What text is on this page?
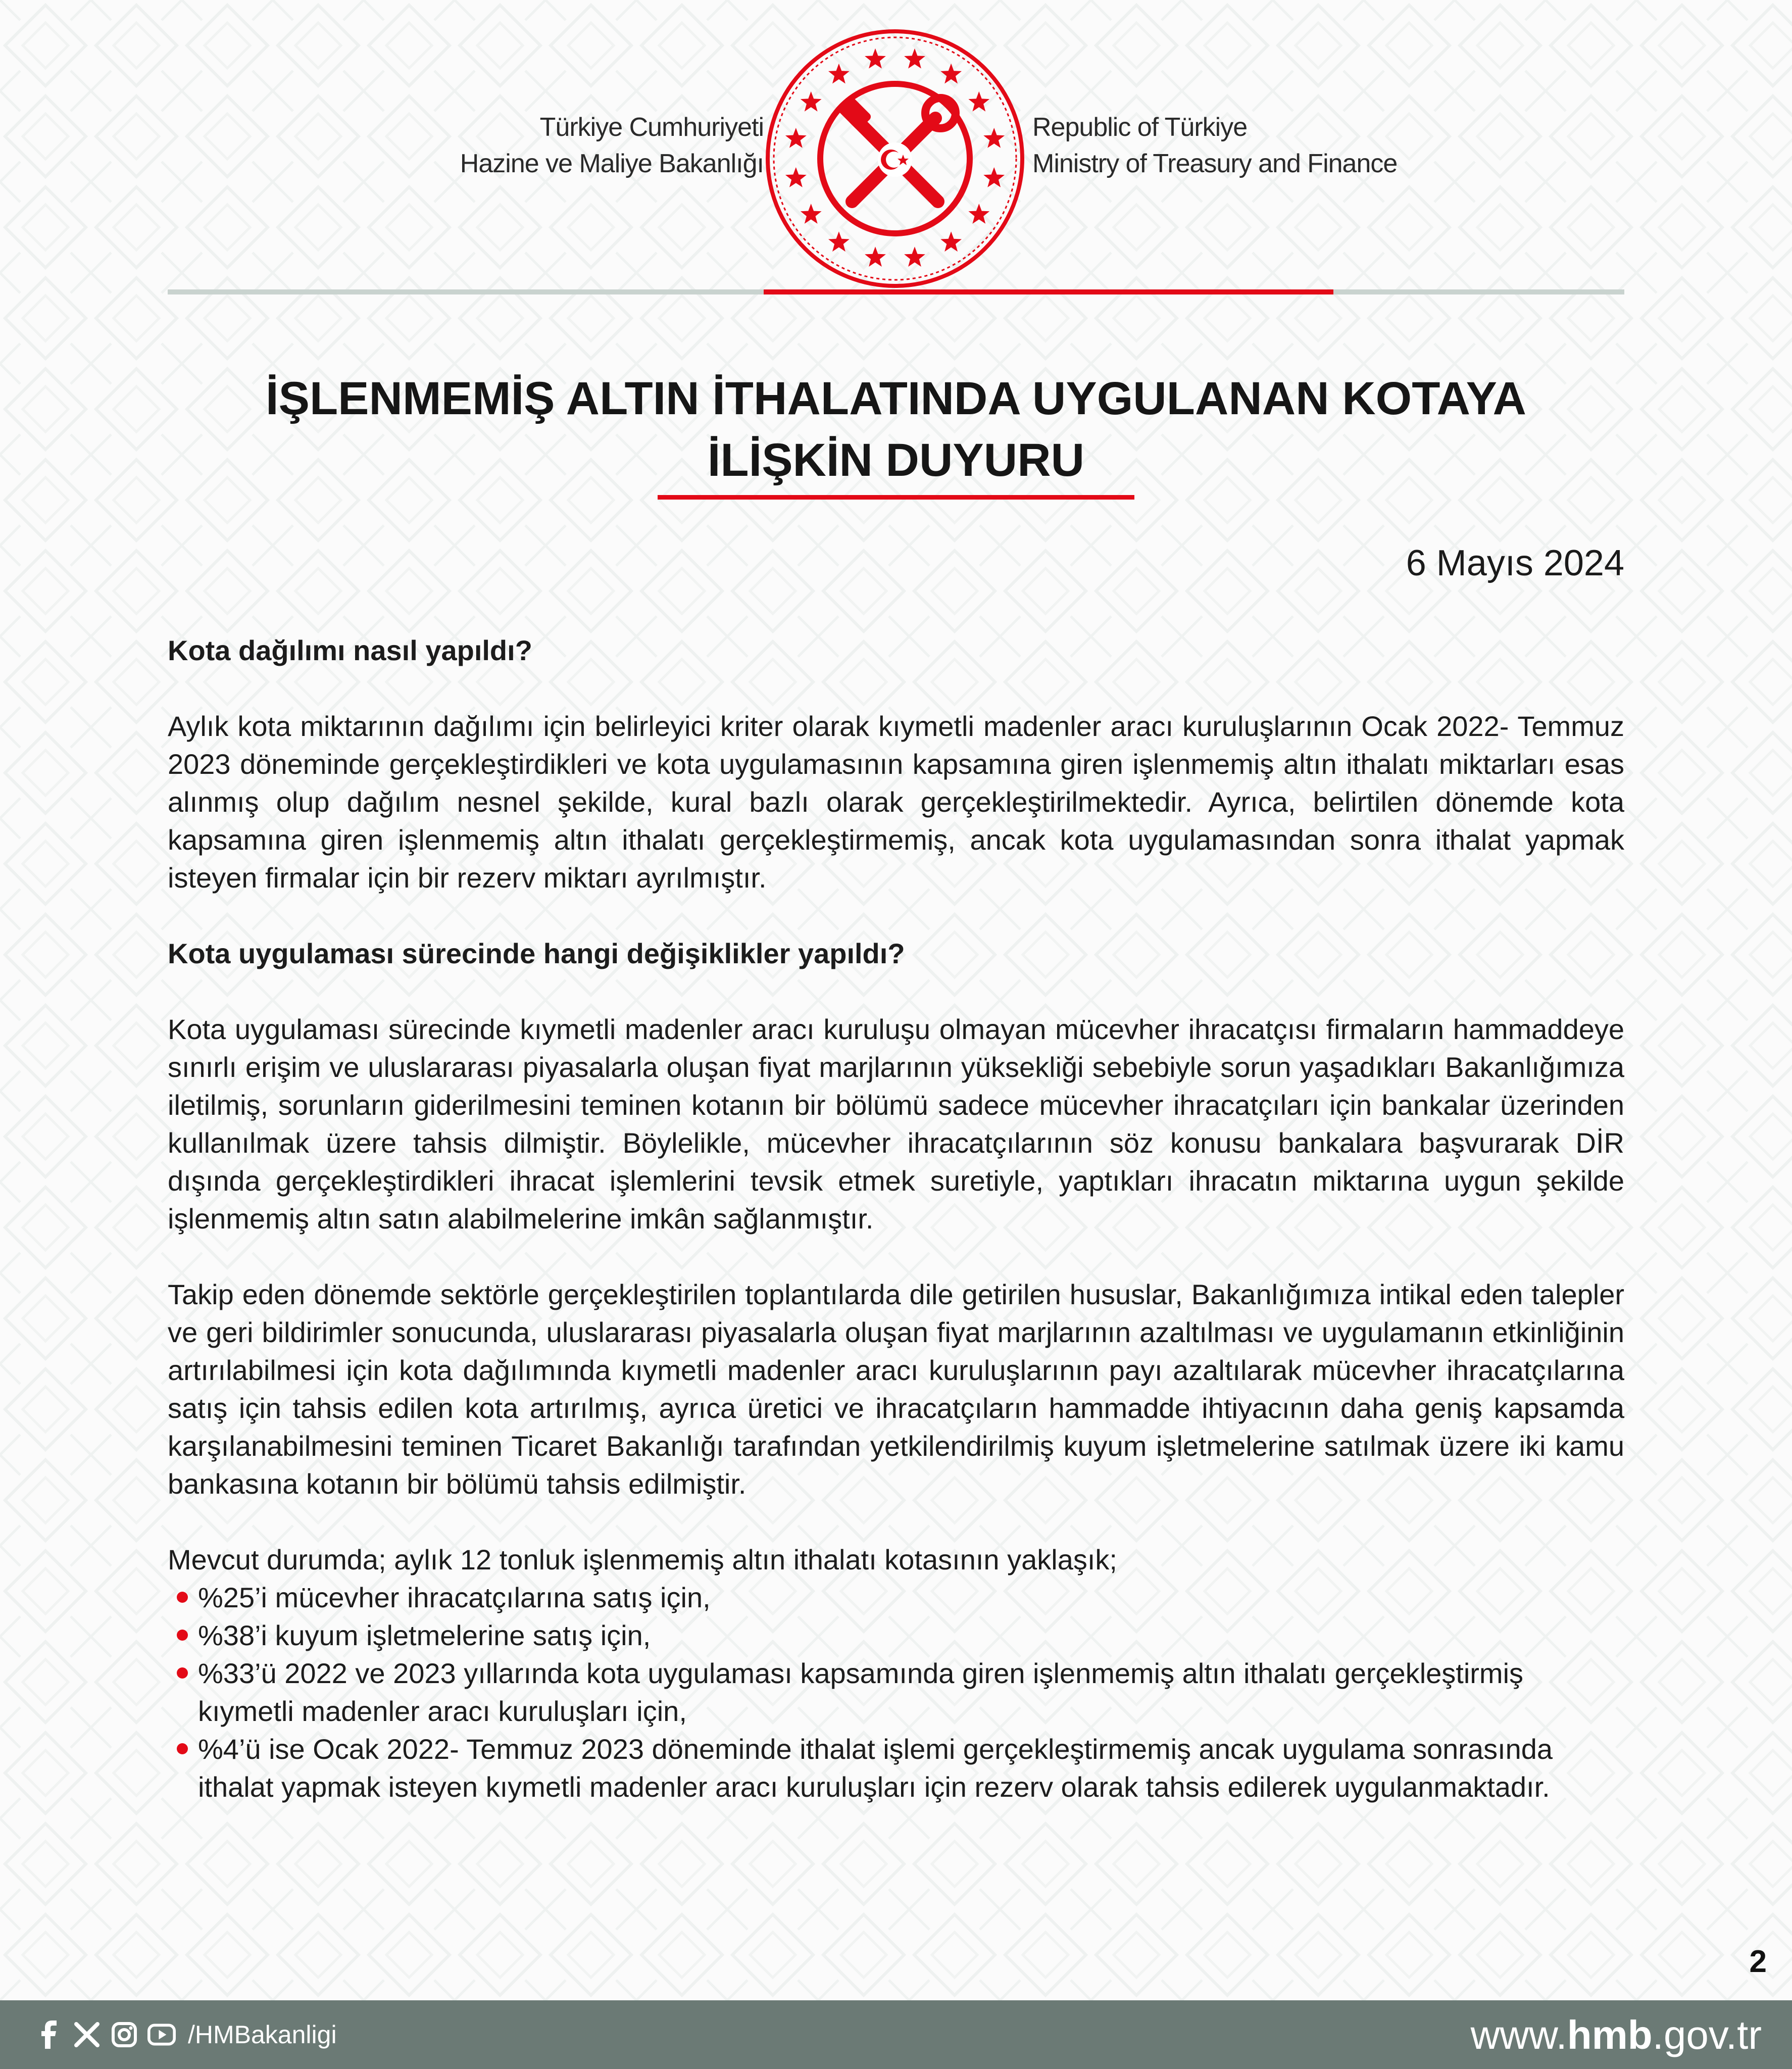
Türkiye Cumhuriyeti
Hazine ve Maliye Bakanlığı
Republic of Türkiye
Ministry of Treasury and Finance
İŞLENMEMİŞ ALTIN İTHALATINDA UYGULANAN KOTAYA
İLİŞKİN DUYURU
6 Mayıs 2024
Kota dağılımı nasıl yapıldı?

Aylık kota miktarının dağılımı için belirleyici kriter olarak kıymetli madenler aracı kuruluşlarının Ocak 2022- Temmuz 2023 döneminde gerçekleştirdikleri ve kota uygulamasının kapsamına giren işlenmemiş altın ithalatı miktarları esas alınmış olup dağılım nesnel şekilde, kural bazlı olarak gerçekleştirilmektedir. Ayrıca, belirtilen dönemde kota kapsamına giren işlenmemiş altın ithalatı gerçekleştirmemiş, ancak kota uygulamasından sonra ithalat yapmak isteyen firmalar için bir rezerv miktarı ayrılmıştır.

Kota uygulaması sürecinde hangi değişiklikler yapıldı?

Kota uygulaması sürecinde kıymetli madenler aracı kuruluşu olmayan mücevher ihracatçısı firmaların hammaddeye sınırlı erişim ve uluslararası piyasalarla oluşan fiyat marjlarının yüksekliği sebebiyle sorun yaşadıkları Bakanlığımıza iletilmiş, sorunların giderilmesini teminen kotanın bir bölümü sadece mücevher ihracatçıları için bankalar üzerinden kullanılmak üzere tahsis dilmiştir. Böylelikle, mücevher ihracatçılarının söz konusu bankalara başvurarak DİR dışında gerçekleştirdikleri ihracat işlemlerini tevsik etmek suretiyle, yaptıkları ihracatın miktarına uygun şekilde işlenmemiş altın satın alabilmelerine imkân sağlanmıştır.

Takip eden dönemde sektörle gerçekleştirilen toplantılarda dile getirilen hususlar, Bakanlığımıza intikal eden talepler ve geri bildirimler sonucunda, uluslararası piyasalarla oluşan fiyat marjlarının azaltılması ve uygulamanın etkinliğinin artırılabilmesi için kota dağılımında kıymetli madenler aracı kuruluşlarının payı azaltılarak mücevher ihracatçılarına satış için tahsis edilen kota artırılmış, ayrıca üretici ve ihracatçıların hammadde ihtiyacının daha geniş kapsamda karşılanabilmesini teminen Ticaret Bakanlığı tarafından yetkilendirilmiş kuyum işletmelerine satılmak üzere iki kamu bankasına kotanın bir bölümü tahsis edilmiştir.

Mevcut durumda; aylık 12 tonluk işlenmemiş altın ithalatı kotasının yaklaşık;

%25’i mücevher ihracatçılarına satış için,
%38’i kuyum işletmelerine satış için,
%33’ü 2022 ve 2023 yıllarında kota uygulaması kapsamında giren işlenmemiş altın ithalatı gerçekleştirmiş kıymetli madenler aracı kuruluşları için,
%4’ü ise Ocak 2022- Temmuz 2023 döneminde ithalat işlemi gerçekleştirmemiş ancak uygulama sonrasında ithalat yapmak isteyen kıymetli madenler aracı kuruluşları için rezerv olarak tahsis edilerek uygulanmaktadır.
2
/HMBakanligi	www.hmb.gov.tr
